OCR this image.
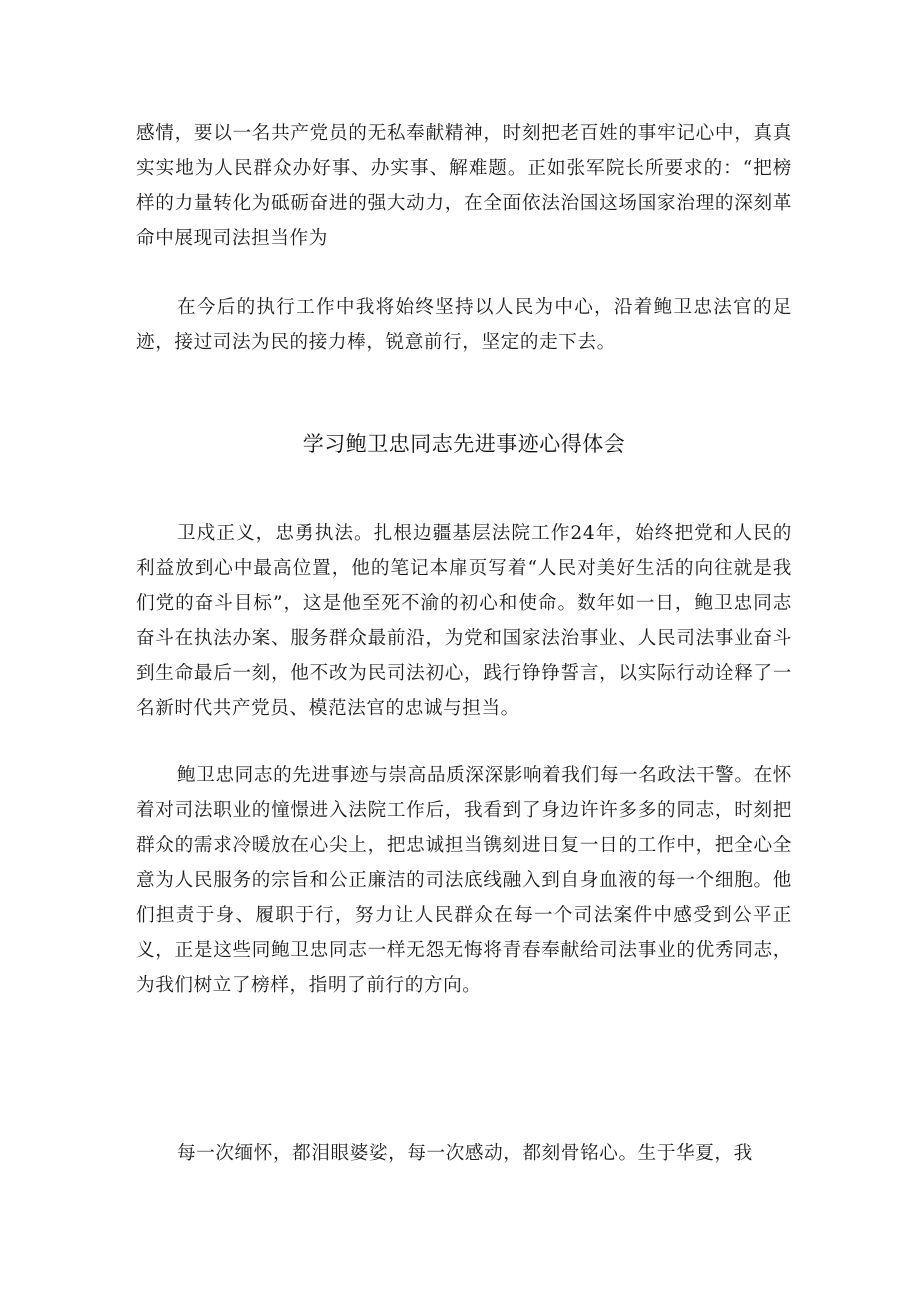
感情，要以一名共产党员的无私奉献精神，时刻把老百姓的事牢记心中，真真实实地为人民群众办好事、办实事、解难题。正如张军院长所要求的：“把榜样的力量转化为砥砺奋进的强大动力，在全面依法治国这场国家治理的深刻革命中展现司法担当作为

在今后的执行工作中我将始终坚持以人民为中心，沿着鲍卫忠法官的足迹，接过司法为民的接力棒，锐意前行，坚定的走下去。

学习鲍卫忠同志先进事迹心得体会

卫戍正义，忠勇执法。扎根边疆基层法院工作24年，始终把党和人民的利益放到心中最高位置，他的笔记本扉页写着“人民对美好生活的向往就是我们党的奋斗目标”，这是他至死不渝的初心和使命。数年如一日，鲍卫忠同志奋斗在执法办案、服务群众最前沿，为党和国家法治事业、人民司法事业奋斗到生命最后一刻，他不改为民司法初心，践行铮铮誓言，以实际行动诠释了一名新时代共产党员、模范法官的忠诚与担当。

鲍卫忠同志的先进事迹与崇高品质深深影响着我们每一名政法干警。在怀着对司法职业的憧憬进入法院工作后，我看到了身边许许多多的同志，时刻把群众的需求冷暖放在心尖上，把忠诚担当镌刻进日复一日的工作中，把全心全意为人民服务的宗旨和公正廉洁的司法底线融入到自身血液的每一个细胞。他们担责于身、履职于行，努力让人民群众在每一个司法案件中感受到公平正义，正是这些同鲍卫忠同志一样无怨无悔将青春奉献给司法事业的优秀同志，为我们树立了榜样，指明了前行的方向。

每一次缅怀，都泪眼婆娑，每一次感动，都刻骨铭心。生于华夏，我
